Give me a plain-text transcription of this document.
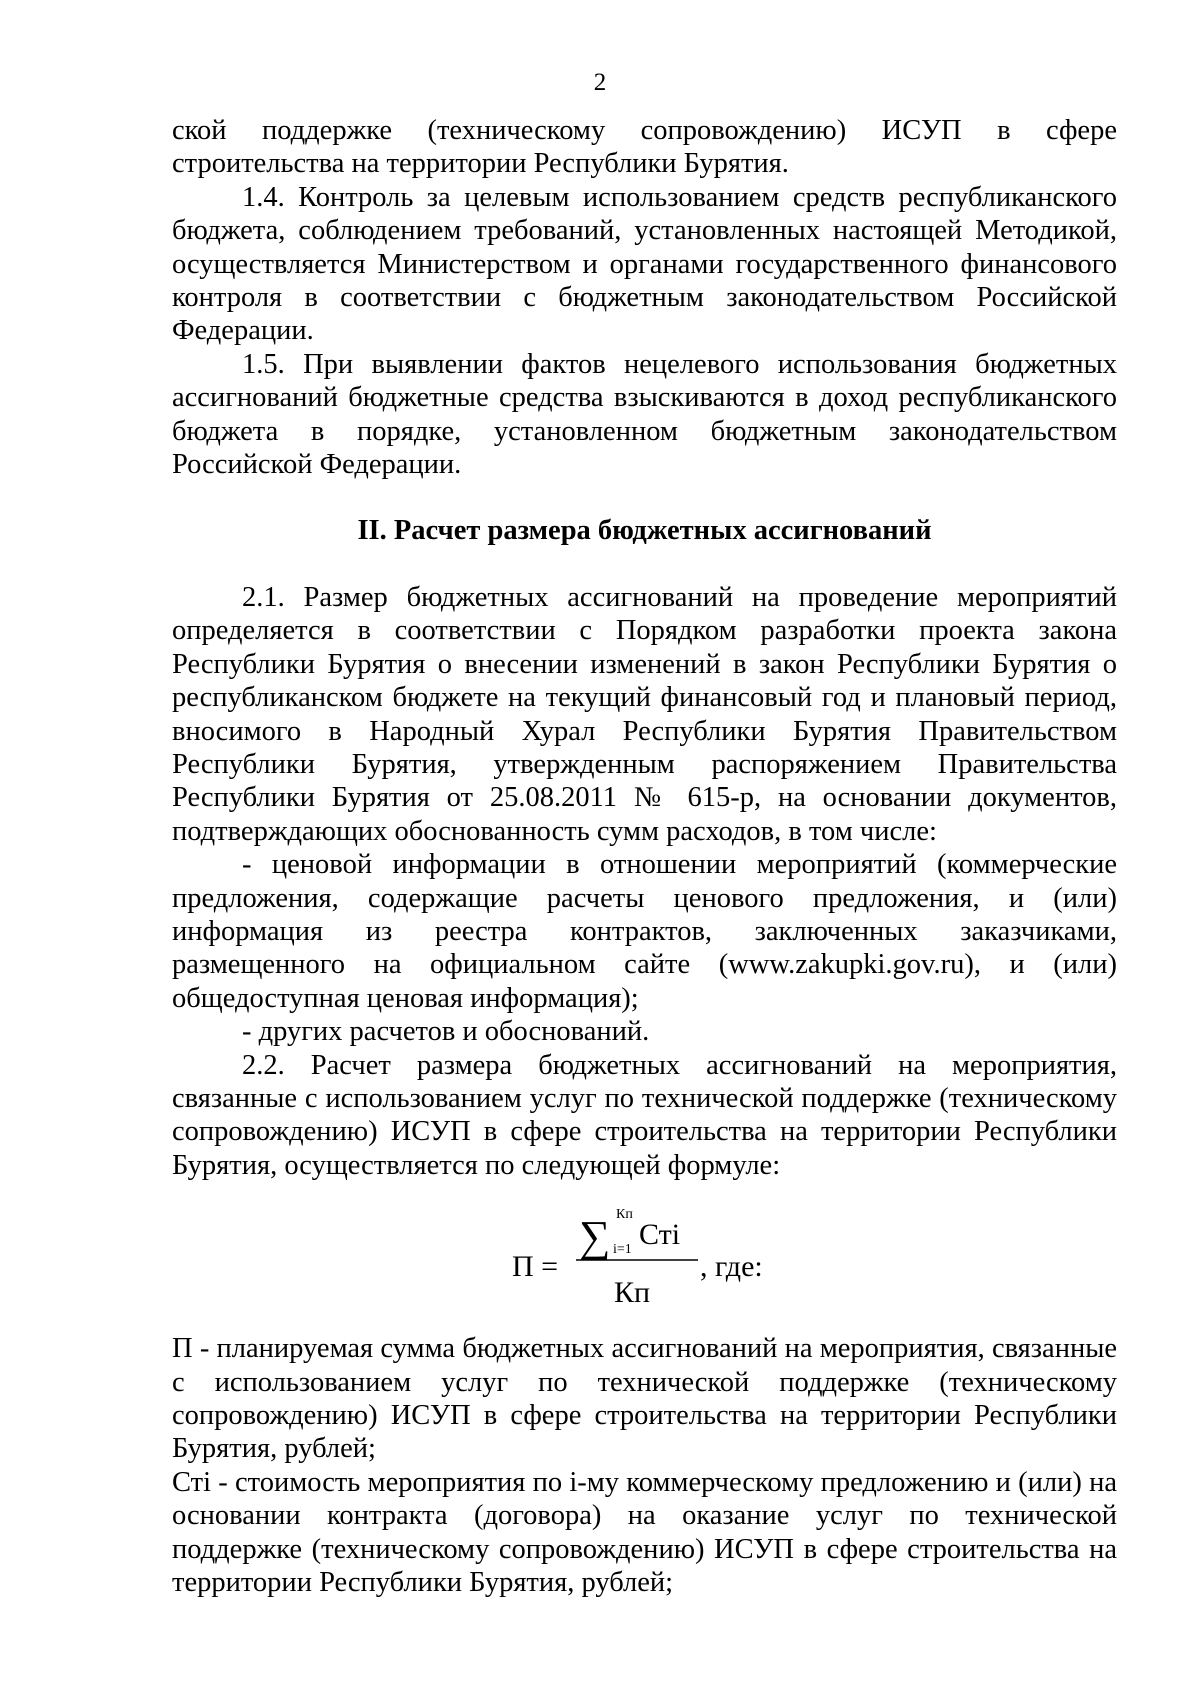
2

ской поддержке (техническому сопровождению) ИСУП в сфере строительства на территории Республики Бурятия.

1.4. Контроль за целевым использованием средств республиканского бюджета, соблюдением требований, установленных настоящей Методикой, осуществляется Министерством и органами государственного финансового контроля в соответствии с бюджетным законодательством Российской Федерации.

1.5. При выявлении фактов нецелевого использования бюджетных ассигнований бюджетные средства взыскиваются в доход республиканского бюджета в порядке, установленном бюджетным законодательством Российской Федерации.

II. Расчет размера бюджетных ассигнований

2.1. Размер бюджетных ассигнований на проведение мероприятий определяется в соответствии с Порядком разработки проекта закона Республики Бурятия о внесении изменений в закон Республики Бурятия о республиканском бюджете на текущий финансовый год и плановый период, вносимого в Народный Хурал Республики Бурятия Правительством Республики Бурятия, утвержденным распоряжением Правительства Республики Бурятия от 25.08.2011 № 615-р, на основании документов, подтверждающих обоснованность сумм расходов, в том числе:

- ценовой информации в отношении мероприятий (коммерческие предложения, содержащие расчеты ценового предложения, и (или) информация из реестра контрактов, заключенных заказчиками, размещенного на официальном сайте (www.zakupki.gov.ru), и (или) общедоступная ценовая информация);

- других расчетов и обоснований.

2.2. Расчет размера бюджетных ассигнований на мероприятия, связанные с использованием услуг по технической поддержке (техническому сопровождению) ИСУП в сфере строительства на территории Республики Бурятия, осуществляется по следующей формуле:

П =
∑ Кп
i=1 Сті
Кп
, где:

П - планируемая сумма бюджетных ассигнований на мероприятия, связанные с использованием услуг по технической поддержке (техническому сопровождению) ИСУП в сфере строительства на территории Республики Бурятия, рублей;

Сті - стоимость мероприятия по i-му коммерческому предложению и (или) на основании контракта (договора) на оказание услуг по технической поддержке (техническому сопровождению) ИСУП в сфере строительства на территории Республики Бурятия, рублей;
